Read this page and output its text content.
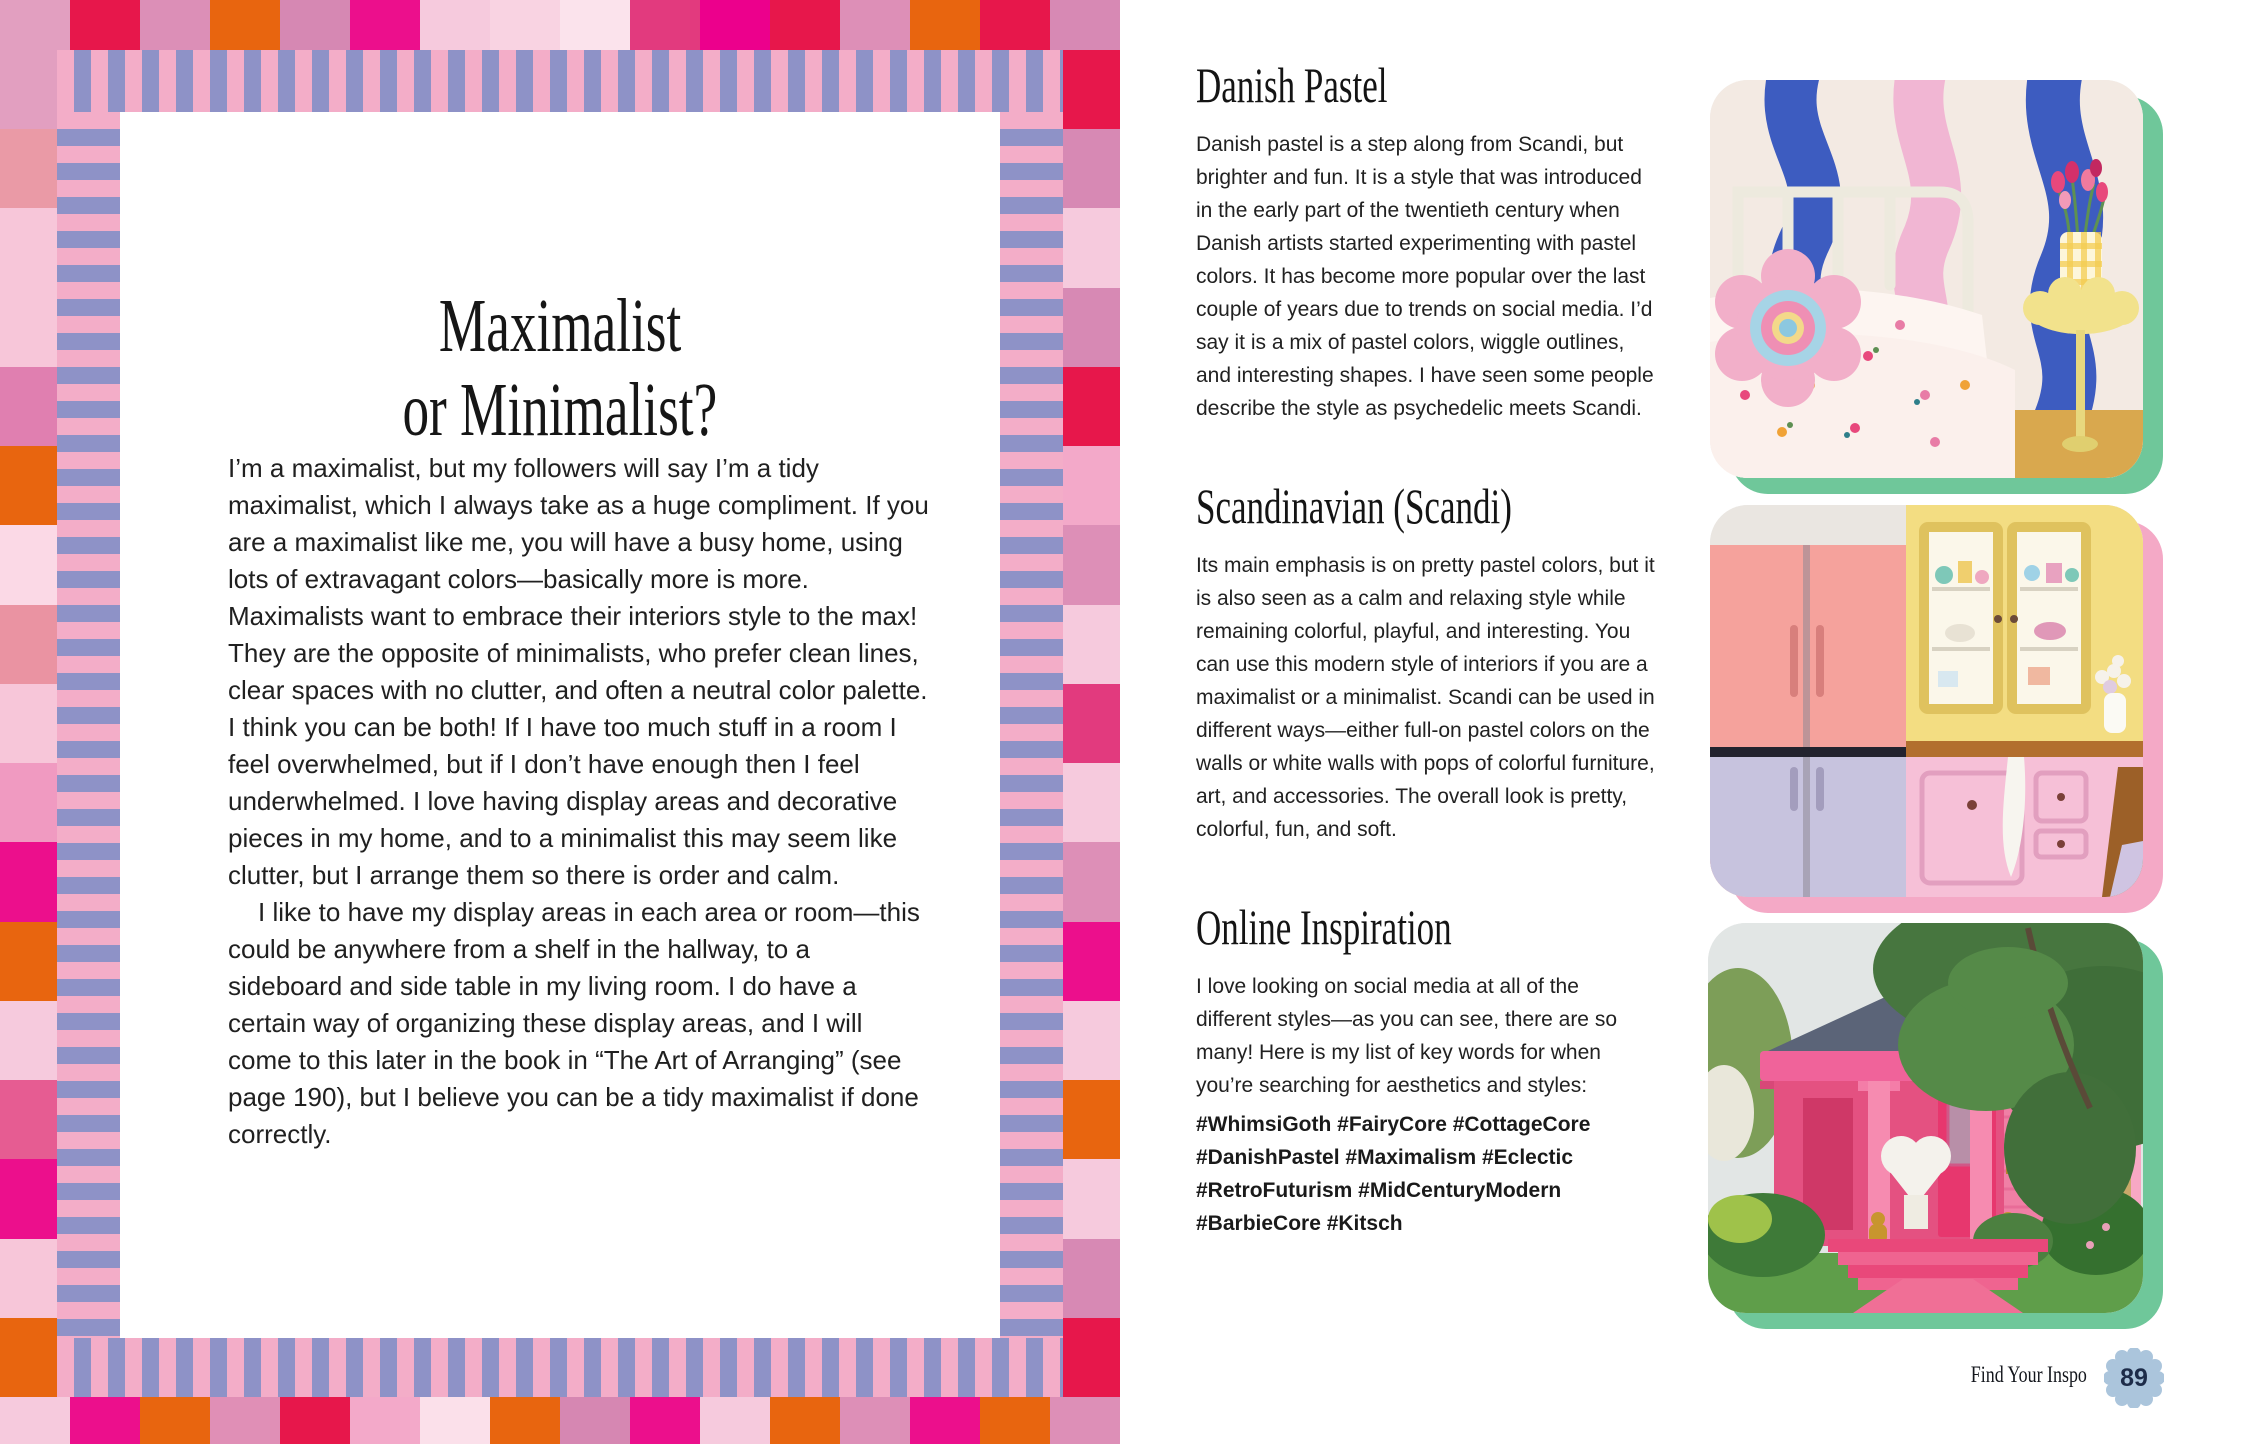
Maximalist
or Minimalist?

I’m a maximalist, but my followers will say I’m a tidy maximalist, which I always take as a huge compliment. If you are a maximalist like me, you will have a busy home, using lots of extravagant colors—basically more is more. Maximalists want to embrace their interiors style to the max! They are the opposite of minimalists, who prefer clean lines, clear spaces with no clutter, and often a neutral color palette. I think you can be both! If I have too much stuff in a room I feel overwhelmed, but if I don’t have enough then I feel underwhelmed. I love having display areas and decorative pieces in my home, and to a minimalist this may seem like clutter, but I arrange them so there is order and calm.

I like to have my display areas in each area or room—this could be anywhere from a shelf in the hallway, to a sideboard and side table in my living room. I do have a certain way of organizing these display areas, and I will come to this later in the book in “The Art of Arranging” (see page 190), but I believe you can be a tidy maximalist if done correctly.

Danish Pastel

Danish pastel is a step along from Scandi, but brighter and fun. It is a style that was introduced in the early part of the twentieth century when Danish artists started experimenting with pastel colors. It has become more popular over the last couple of years due to trends on social media. I’d say it is a mix of pastel colors, wiggle outlines, and interesting shapes. I have seen some people describe the style as psychedelic meets Scandi.

Scandinavian (Scandi)

Its main emphasis is on pretty pastel colors, but it is also seen as a calm and relaxing style while remaining colorful, playful, and interesting. You can use this modern style of interiors if you are a maximalist or a minimalist. Scandi can be used in different ways—either full-on pastel colors on the walls or white walls with pops of colorful furniture, art, and accessories. The overall look is pretty, colorful, fun, and soft.

Online Inspiration

I love looking on social media at all of the different styles—as you can see, there are so many! Here is my list of key words for when you’re searching for aesthetics and styles:

#WhimsiGoth #FairyCore #CottageCore
#DanishPastel #Maximalism #Eclectic
#RetroFuturism #MidCenturyModern
#BarbieCore #Kitsch
Find Your Inspo	89
